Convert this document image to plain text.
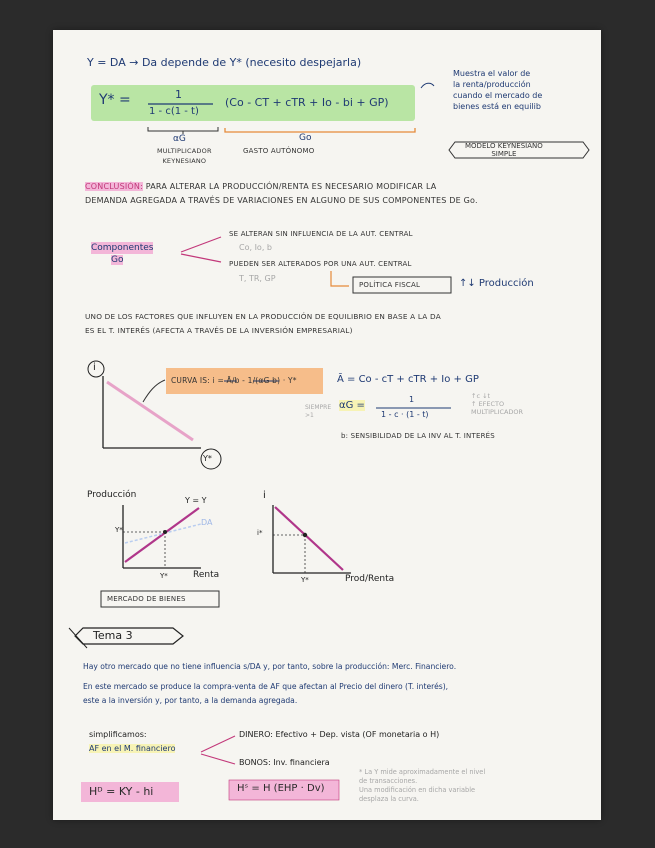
Y = DA → Da depende de Y* (necesito despejarla)
Muestra el valor de
la renta/producción
cuando el mercado de
bienes está en equilib
Y* =	1
1 - c(1 - t)
(Co - CT + cTR + Io - bi + GP)
αG	Go
MULTIPLICADOR
KEYNESIANO
GASTO AUTÓNOMO
MODELO KEYNESIANO
SIMPLE
CONCLUSIÓN: PARA ALTERAR LA PRODUCCIÓN/RENTA ES NECESARIO MODIFICAR LA
DEMANDA AGREGADA A TRAVÉS DE VARIACIONES EN ALGUNO DE SUS COMPONENTES DE Go.
Componentes
Go
SE ALTERAN SIN INFLUENCIA DE LA AUT. CENTRAL
Co, Io, b
PUEDEN SER ALTERADOS POR UNA AUT. CENTRAL
T, TR, GP
POLÍTICA FISCAL	↑↓ Producción
UNO DE LOS FACTORES QUE INFLUYEN EN LA PRODUCCIÓN DE EQUILIBRIO EN BASE A LA DA
ES EL T. INTERÉS (AFECTA A TRAVÉS DE LA INVERSIÓN EMPRESARIAL)
i
Y*
CURVA IS: i = Ā/b - 1/(αG b) · Y*	Ā = Co - cT + cTR + Io + GP
αG =
1
1 - c · (1 - t)
SIEMPRE
>1
↑c ↓t
↑ EFECTO
MULTIPLICADOR
b: SENSIBILIDAD DE LA INV AL T. INTERÉS
Producción
Y = Y
DA
Y*
Y*	Renta
i
i*
Y*	Prod/Renta
MERCADO DE BIENES
Tema 3
Hay otro mercado que no tiene influencia s/DA y, por tanto, sobre la producción: Merc. Financiero.
En este mercado se produce la compra-venta de AF que afectan al Precio del dinero (T. interés),
este a la inversión y, por tanto, a la demanda agregada.
simplificamos:
AF en el M. financiero
DINERO: Efectivo + Dep. vista (OF monetaria o H)
BONOS: Inv. financiera
Hᴰ = KY - hi	Hˢ = H (EHP · Dv)
* La Y mide aproximadamente el nivel
de transacciones.
Una modificación en dicha variable
desplaza la curva.
